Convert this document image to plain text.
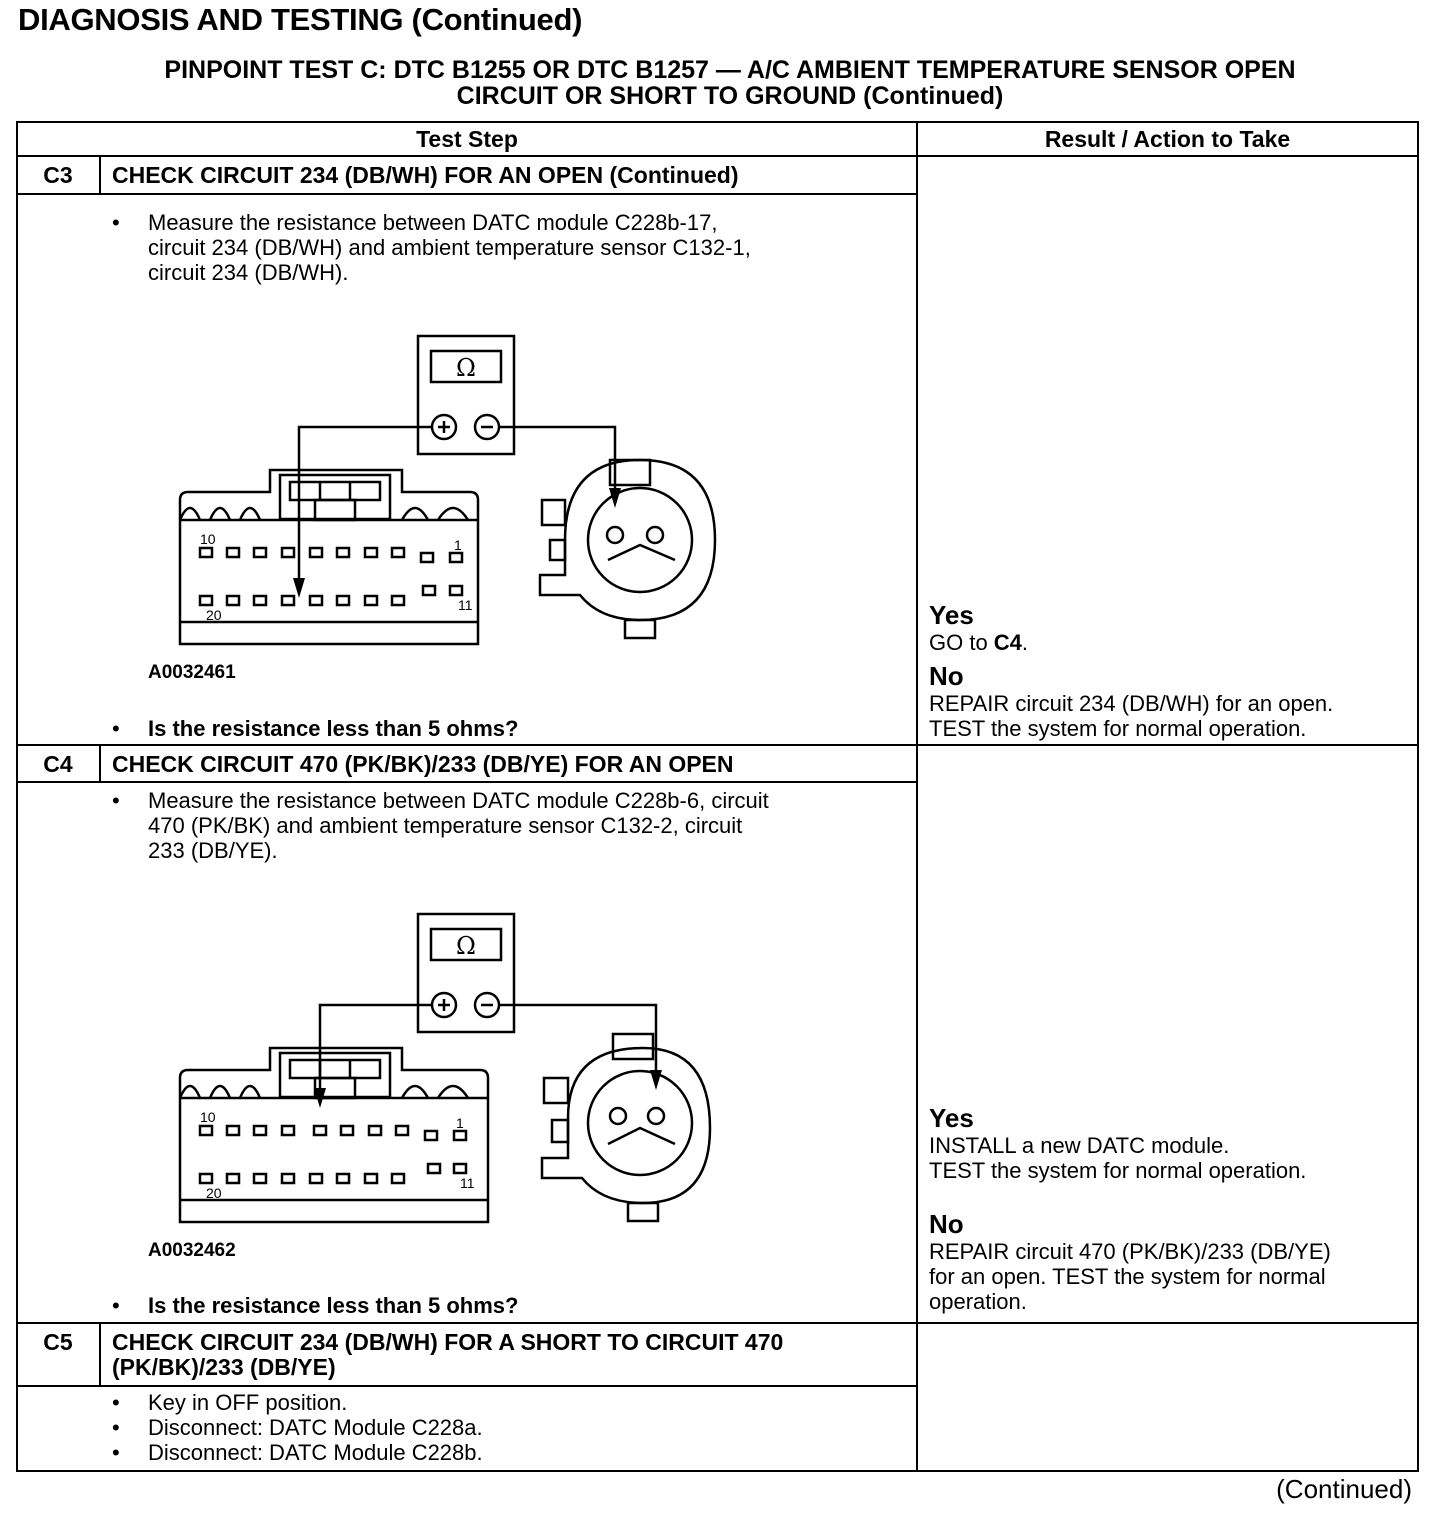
DIAGNOSIS AND TESTING (Continued)
PINPOINT TEST C: DTC B1255 OR DTC B1257 — A/C AMBIENT TEMPERATURE SENSOR OPEN
CIRCUIT OR SHORT TO GROUND (Continued)
Test Step	Result / Action to Take
C3	CHECK CIRCUIT 234 (DB/WH) FOR AN OPEN (Continued)
• Measure the resistance between DATC module C228b-17,
circuit 234 (DB/WH) and ambient temperature sensor C132-1,
circuit 234 (DB/WH).
Ω
10	1
20
11
A0032461
• Is the resistance less than 5 ohms?
Yes
GO to C4.
No
REPAIR circuit 234 (DB/WH) for an open.
TEST the system for normal operation.
C4	CHECK CIRCUIT 470 (PK/BK)/233 (DB/YE) FOR AN OPEN
• Measure the resistance between DATC module C228b-6, circuit
470 (PK/BK) and ambient temperature sensor C132-2, circuit
233 (DB/YE).
Ω
10	1
20
11
A0032462
• Is the resistance less than 5 ohms?
Yes
INSTALL a new DATC module.
TEST the system for normal operation.
No
REPAIR circuit 470 (PK/BK)/233 (DB/YE)
for an open. TEST the system for normal
operation.
C5	CHECK CIRCUIT 234 (DB/WH) FOR A SHORT TO CIRCUIT 470
(PK/BK)/233 (DB/YE)
• Key in OFF position.
• Disconnect: DATC Module C228a.
• Disconnect: DATC Module C228b.
(Continued)
